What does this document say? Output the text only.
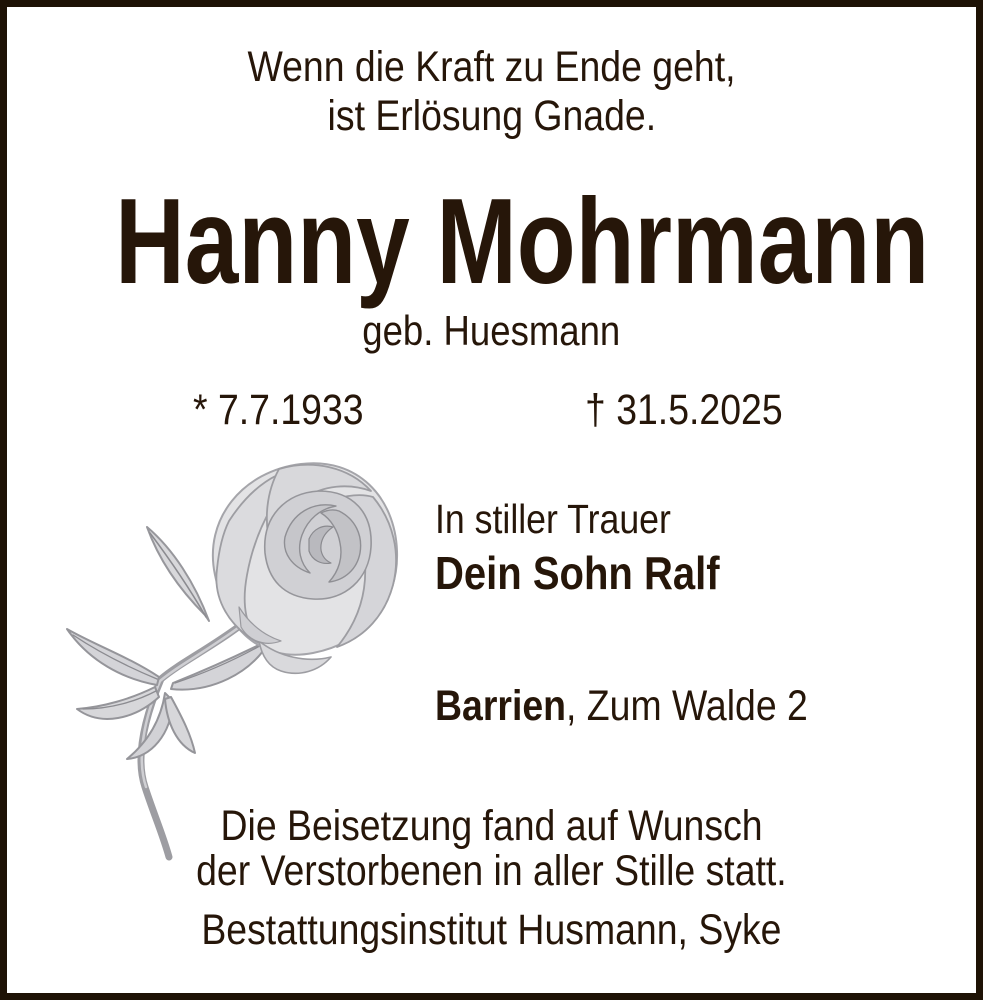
Wenn die Kraft zu Ende geht,
ist Erlösung Gnade.
Hanny Mohrmann
geb. Huesmann
* 7.7.1933	† 31.5.2025
In stiller Trauer
Dein Sohn Ralf
Barrien, Zum Walde 2
Die Beisetzung fand auf Wunsch
der Verstorbenen in aller Stille statt.
Bestattungsinstitut Husmann, Syke
